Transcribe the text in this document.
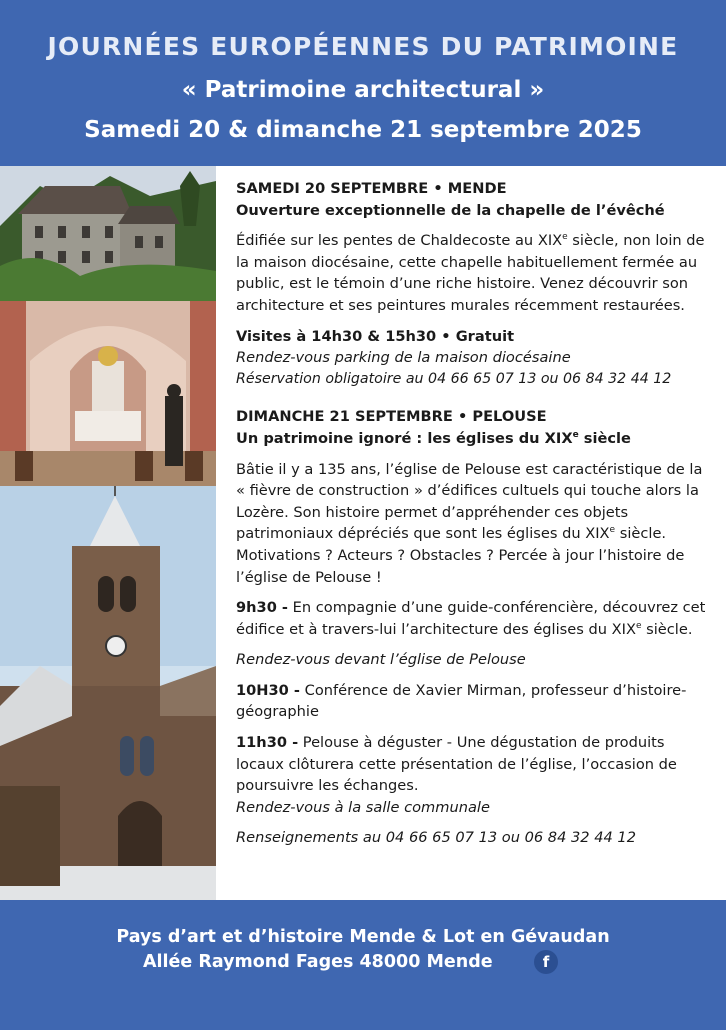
JOURNÉES EUROPÉENNES DU PATRIMOINE
« Patrimoine architectural »
Samedi 20 & dimanche 21 septembre 2025

SAMEDI 20 SEPTEMBRE • MENDE

Ouverture exceptionnelle de la chapelle de l’évêché

Édifiée sur les pentes de Chaldecoste au XIXe siècle, non loin de la maison diocésaine, cette chapelle habituellement fermée au public, est le témoin d’une riche histoire. Venez découvrir son architecture et ses peintures murales récemment restaurées.

Visites à 14h30 & 15h30 • Gratuit

Rendez-vous parking de la maison diocésaine

Réservation obligatoire au 04 66 65 07 13 ou 06 84 32 44 12

DIMANCHE 21 SEPTEMBRE • PELOUSE

Un patrimoine ignoré : les églises du XIXe siècle

Bâtie il y a 135 ans, l’église de Pelouse est caractéristique de la « fièvre de construction » d’édifices cultuels qui touche alors la Lozère. Son histoire permet d’appréhender ces objets patrimoniaux dépréciés que sont les églises du XIXe siècle. Motivations ? Acteurs ? Obstacles ? Percée à jour l’histoire de l’église de Pelouse !

9h30 - En compagnie d’une guide-conférencière, découvrez cet édifice et à travers-lui l’architecture des églises du XIXe siècle.

Rendez-vous devant l’église de Pelouse

10H30 - Conférence de Xavier Mirman, professeur d’histoire-géographie

11h30 - Pelouse à déguster - Une dégustation de produits locaux clôturera cette présentation de l’église, l’occasion de poursuivre les échanges.

Rendez-vous à la salle communale

Renseignements au 04 66 65 07 13 ou 06 84 32 44 12

Pays d’art et d’histoire Mende & Lot en Gévaudan
Allée Raymond Fages 48000 Mende	f
